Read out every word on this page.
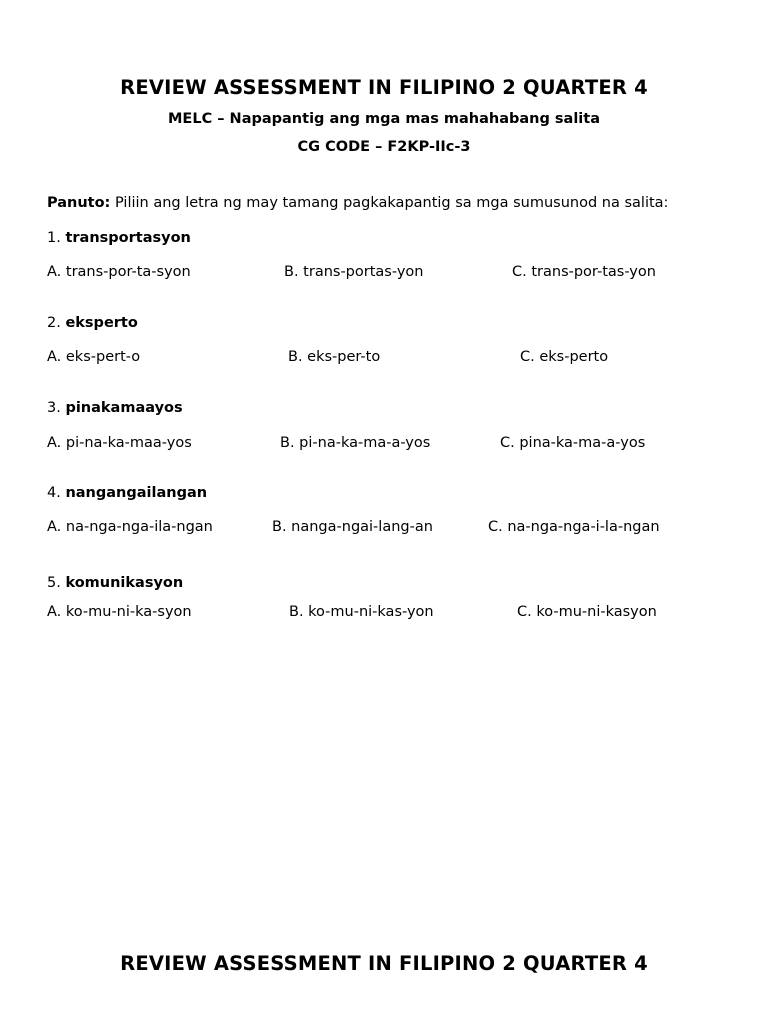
REVIEW ASSESSMENT IN FILIPINO 2 QUARTER 4
MELC – Napapantig ang mga mas mahahabang salita
CG CODE – F2KP-IIc-3
Panuto: Piliin ang letra ng may tamang pagkakapantig sa mga sumusunod na salita:
1. transportasyon
A. trans-por-ta-syon	B. trans-portas-yon	C. trans-por-tas-yon
2. eksperto
A. eks-pert-o	B. eks-per-to	C. eks-perto
3. pinakamaayos
A. pi-na-ka-maa-yos	B. pi-na-ka-ma-a-yos	C. pina-ka-ma-a-yos
4. nangangailangan
A. na-nga-nga-ila-ngan	B. nanga-ngai-lang-an	C. na-nga-nga-i-la-ngan
5. komunikasyon
A. ko-mu-ni-ka-syon	B. ko-mu-ni-kas-yon	C. ko-mu-ni-kasyon
REVIEW ASSESSMENT IN FILIPINO 2 QUARTER 4
